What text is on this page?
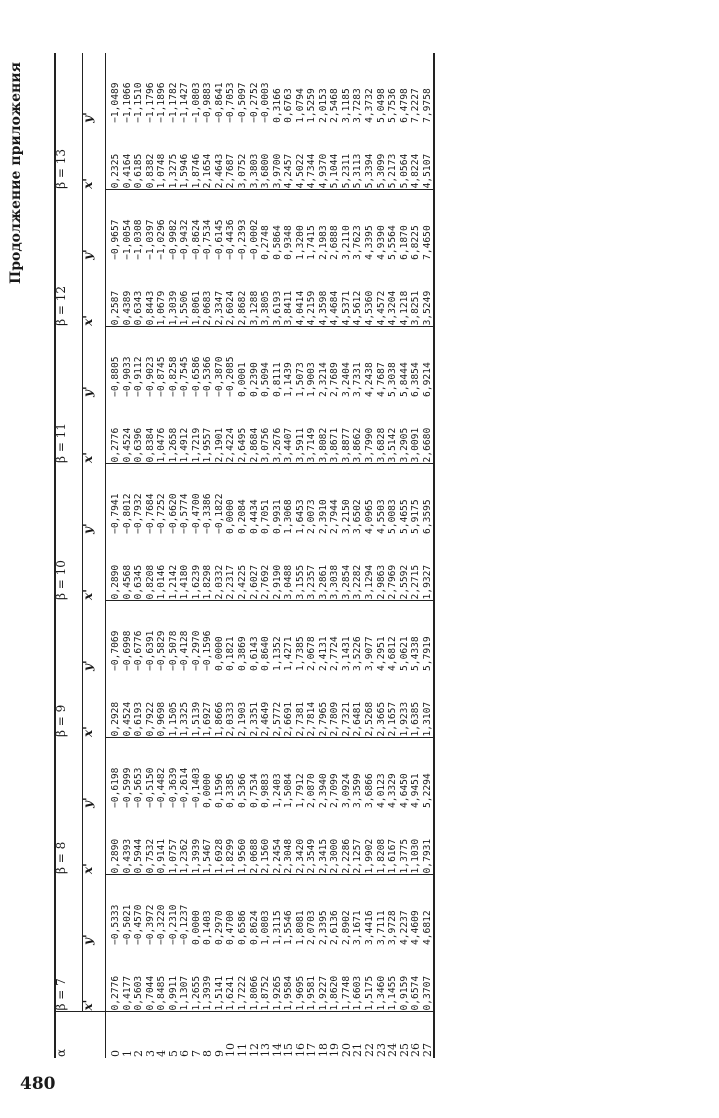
480
Продолжение приложения
α	β = 7		β = 8		β = 9		β = 10		β = 11		β = 12		β = 13	
	x'	y'	x'	y'	x'	y'	x'	y'	x'	y'	x'	y'	x'	y'
0	0,2776	−0,5333	0,2890	−0,6198	0,2928	−0,7069	0,2890	−0,7941	0,2776	−0,8805	0,2587	−0,9657	0,2325	−1,0489
1	0,4177	−0,5021	0,4393	−0,5999	0,4524	−0,6998	0,4568	−0,8012	0,4524	−0,9033	0,4389	−1,0054	0,4164	−1,1066
2	0,5603	−0,4570	0,5944	−0,5653	0,6193	−0,6776	0,6345	−0,7932	0,6396	−0,9112	0,6343	−1,0308	0,6185	−1,1510
3	0,7044	−0,3972	0,7532	−0,5150	0,7922	−0,6391	0,8208	−0,7684	0,8384	−0,9023	0,8443	−1,0397	0,8382	−1,1796
4	0,8485	−0,3220	0,9141	−0,4482	0,9698	−0,5829	1,0146	−0,7252	1,0476	−0,8745	1,0679	−1,0296	1,0748	−1,1896
5	0,9911	−0,2310	1,0757	−0,3639	1,1505	−0,5078	1,2142	−0,6620	1,2658	−0,8258	1,3039	−0,9982	1,3275	−1,1782
6	1,1307	−0,1237	1,2362	−0,2614	1,3325	−0,4128	1,4180	−0,5774	1,4912	−0,7545	1,5506	−0,9432	1,5946	−1,1427
7	1,2655	0,0000	1,3939	−0,1403	1,5139	−0,2970	1,6239	−0,4700	1,7219	−0,6586	1,8061	−0,8624	1,8746	−1,0803
8	1,3939	0,1403	1,5467	0,0000	1,6927	−0,1596	1,8298	−0,3386	1,9557	−0,5366	2,0683	−0,7534	2,1654	−0,9883
9	1,5141	0,2970	1,6928	0,1596	1,8666	0,0000	2,0332	−0,1822	2,1901	−0,3870	2,3347	−0,6145	2,4643	−0,8641
10	1,6241	0,4700	1,8299	0,3385	2,0333	0,1821	2,2317	0,0000	2,4224	−0,2085	2,6024	−0,4436	2,7687	−0,7053
11	1,7222	0,6586	1,9560	0,5366	2,1903	0,3869	2,4225	0,2084	2,6495	0,0001	2,8682	−0,2393	3,0752	−0,5097
12	1,8066	0,8624	2,0688	0,7534	2,3351	0,6143	2,6027	0,4434	2,8684	0,2390	3,1288	−0,0002	3,3803	−0,2752
13	1,8752	1,0803	2,1560	0,9883	2,4649	0,8640	2,7692	0,7051	3,0756	0,5094	3,3805	0,2748	3,6800	−0,0003
14	1,9265	1,3115	2,2454	1,2403	2,5772	1,1352	2,9190	0,9931	3,2676	0,8111	3,6193	0,5864	3,9700	0,3166
15	1,9584	1,5546	2,3048	1,5084	2,6691	1,4271	3,0488	1,3068	3,4407	1,1439	3,8411	0,9348	4,2457	0,6763
16	1,9695	1,8081	2,3420	1,7912	2,7381	1,7385	3,1555	1,6453	3,5911	1,5073	4,0414	1,3200	4,5022	1,0794
17	1,9581	2,0703	2,3549	2,0870	2,7814	2,0678	3,2357	2,0073	3,7149	1,9003	4,2159	1,7415	4,7344	1,5259
18	1,9227	2,3395	2,3415	2,3940	2,7965	2,4131	3,2861	2,3910	3,8082	2,3214	4,3598	2,1983	4,9370	2,0153
19	1,8620	2,6136	2,3000	2,7099	2,7809	2,7724	3,3038	2,7944	3,8671	2,7689	4,4684	2,6888	5,1044	2,5468
20	1,7748	2,8902	2,2286	3,0924	2,7321	3,1431	3,2854	3,2150	3,8877	3,2404	4,5371	3,2110	5,2311	3,1185
21	1,6603	3,1671	2,1257	3,3599	2,6481	3,5226	3,2282	3,6502	3,8662	3,7331	4,5612	3,7623	5,3113	3,7283
22	1,5175	3,4416	1,9902	3,6866	2,5268	3,9077	3,1294	4,0965	3,7990	4,2438	4,5360	4,3395	5,3394	4,3732
23	1,3460	3,7111	1,8208	4,0123	2,3665	4,2951	2,9863	4,5503	3,6828	4,7687	4,4572	4,9390	5,3099	5,0498
24	1,1455	3,9728	1,6167	4,3329	2,1657	4,6812	2,7969	5,0083	3,5142	5,3038	4,3204	5,5564	5,2173	5,7536
25	0,9159	4,2237	1,3775	4,6450	1,9233	5,0621	2,5592	5,4655	3,2905	5,8444	4,1218	6,1870	5,0564	6,4798
26	0,6574	4,4609	1,1030	4,9451	1,6385	5,4338	2,2715	5,9175	3,0091	6,3854	3,8251	6,8225	4,8224	7,2227
27	0,3707	4,6812	0,7931	5,2294	1,3107	5,7919	1,9327	6,3595	2,6680	6,9214	3,5249	7,4650	4,5107	7,9758
